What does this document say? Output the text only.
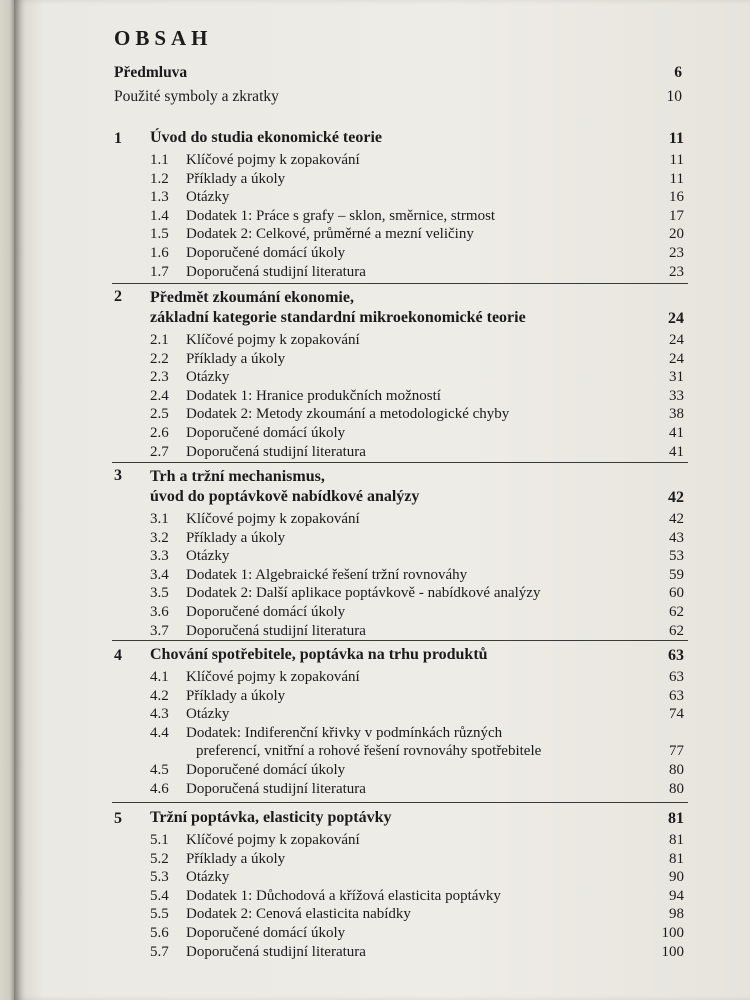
OBSAH
Předmluva	6
Použité symboly a zkratky	10
1	Úvod do studia ekonomické teorie	11
1.1	Klíčové pojmy k zopakování	11
1.2	Příklady a úkoly	11
1.3	Otázky	16
1.4	Dodatek 1: Práce s grafy – sklon, směrnice, strmost	17
1.5	Dodatek 2: Celkové, průměrné a mezní veličiny	20
1.6	Doporučené domácí úkoly	23
1.7	Doporučená studijní literatura	23
2	Předmět zkoumání ekonomie,
základní kategorie standardní mikroekonomické teorie	24
2.1	Klíčové pojmy k zopakování	24
2.2	Příklady a úkoly	24
2.3	Otázky	31
2.4	Dodatek 1: Hranice produkčních možností	33
2.5	Dodatek 2: Metody zkoumání a metodologické chyby	38
2.6	Doporučené domácí úkoly	41
2.7	Doporučená studijní literatura	41
3	Trh a tržní mechanismus,
úvod do poptávkově nabídkové analýzy	42
3.1	Klíčové pojmy k zopakování	42
3.2	Příklady a úkoly	43
3.3	Otázky	53
3.4	Dodatek 1: Algebraické řešení tržní rovnováhy	59
3.5	Dodatek 2: Další aplikace poptávkově - nabídkové analýzy	60
3.6	Doporučené domácí úkoly	62
3.7	Doporučená studijní literatura	62
4	Chování spotřebitele, poptávka na trhu produktů	63
4.1	Klíčové pojmy k zopakování	63
4.2	Příklady a úkoly	63
4.3	Otázky	74
4.4	Dodatek: Indiferenční křivky v podmínkách různých
preferencí, vnitřní a rohové řešení rovnováhy spotřebitele	77
4.5	Doporučené domácí úkoly	80
4.6	Doporučená studijní literatura	80
5	Tržní poptávka, elasticity poptávky	81
5.1	Klíčové pojmy k zopakování	81
5.2	Příklady a úkoly	81
5.3	Otázky	90
5.4	Dodatek 1: Důchodová a křížová elasticita poptávky	94
5.5	Dodatek 2: Cenová elasticita nabídky	98
5.6	Doporučené domácí úkoly	100
5.7	Doporučená studijní literatura	100
